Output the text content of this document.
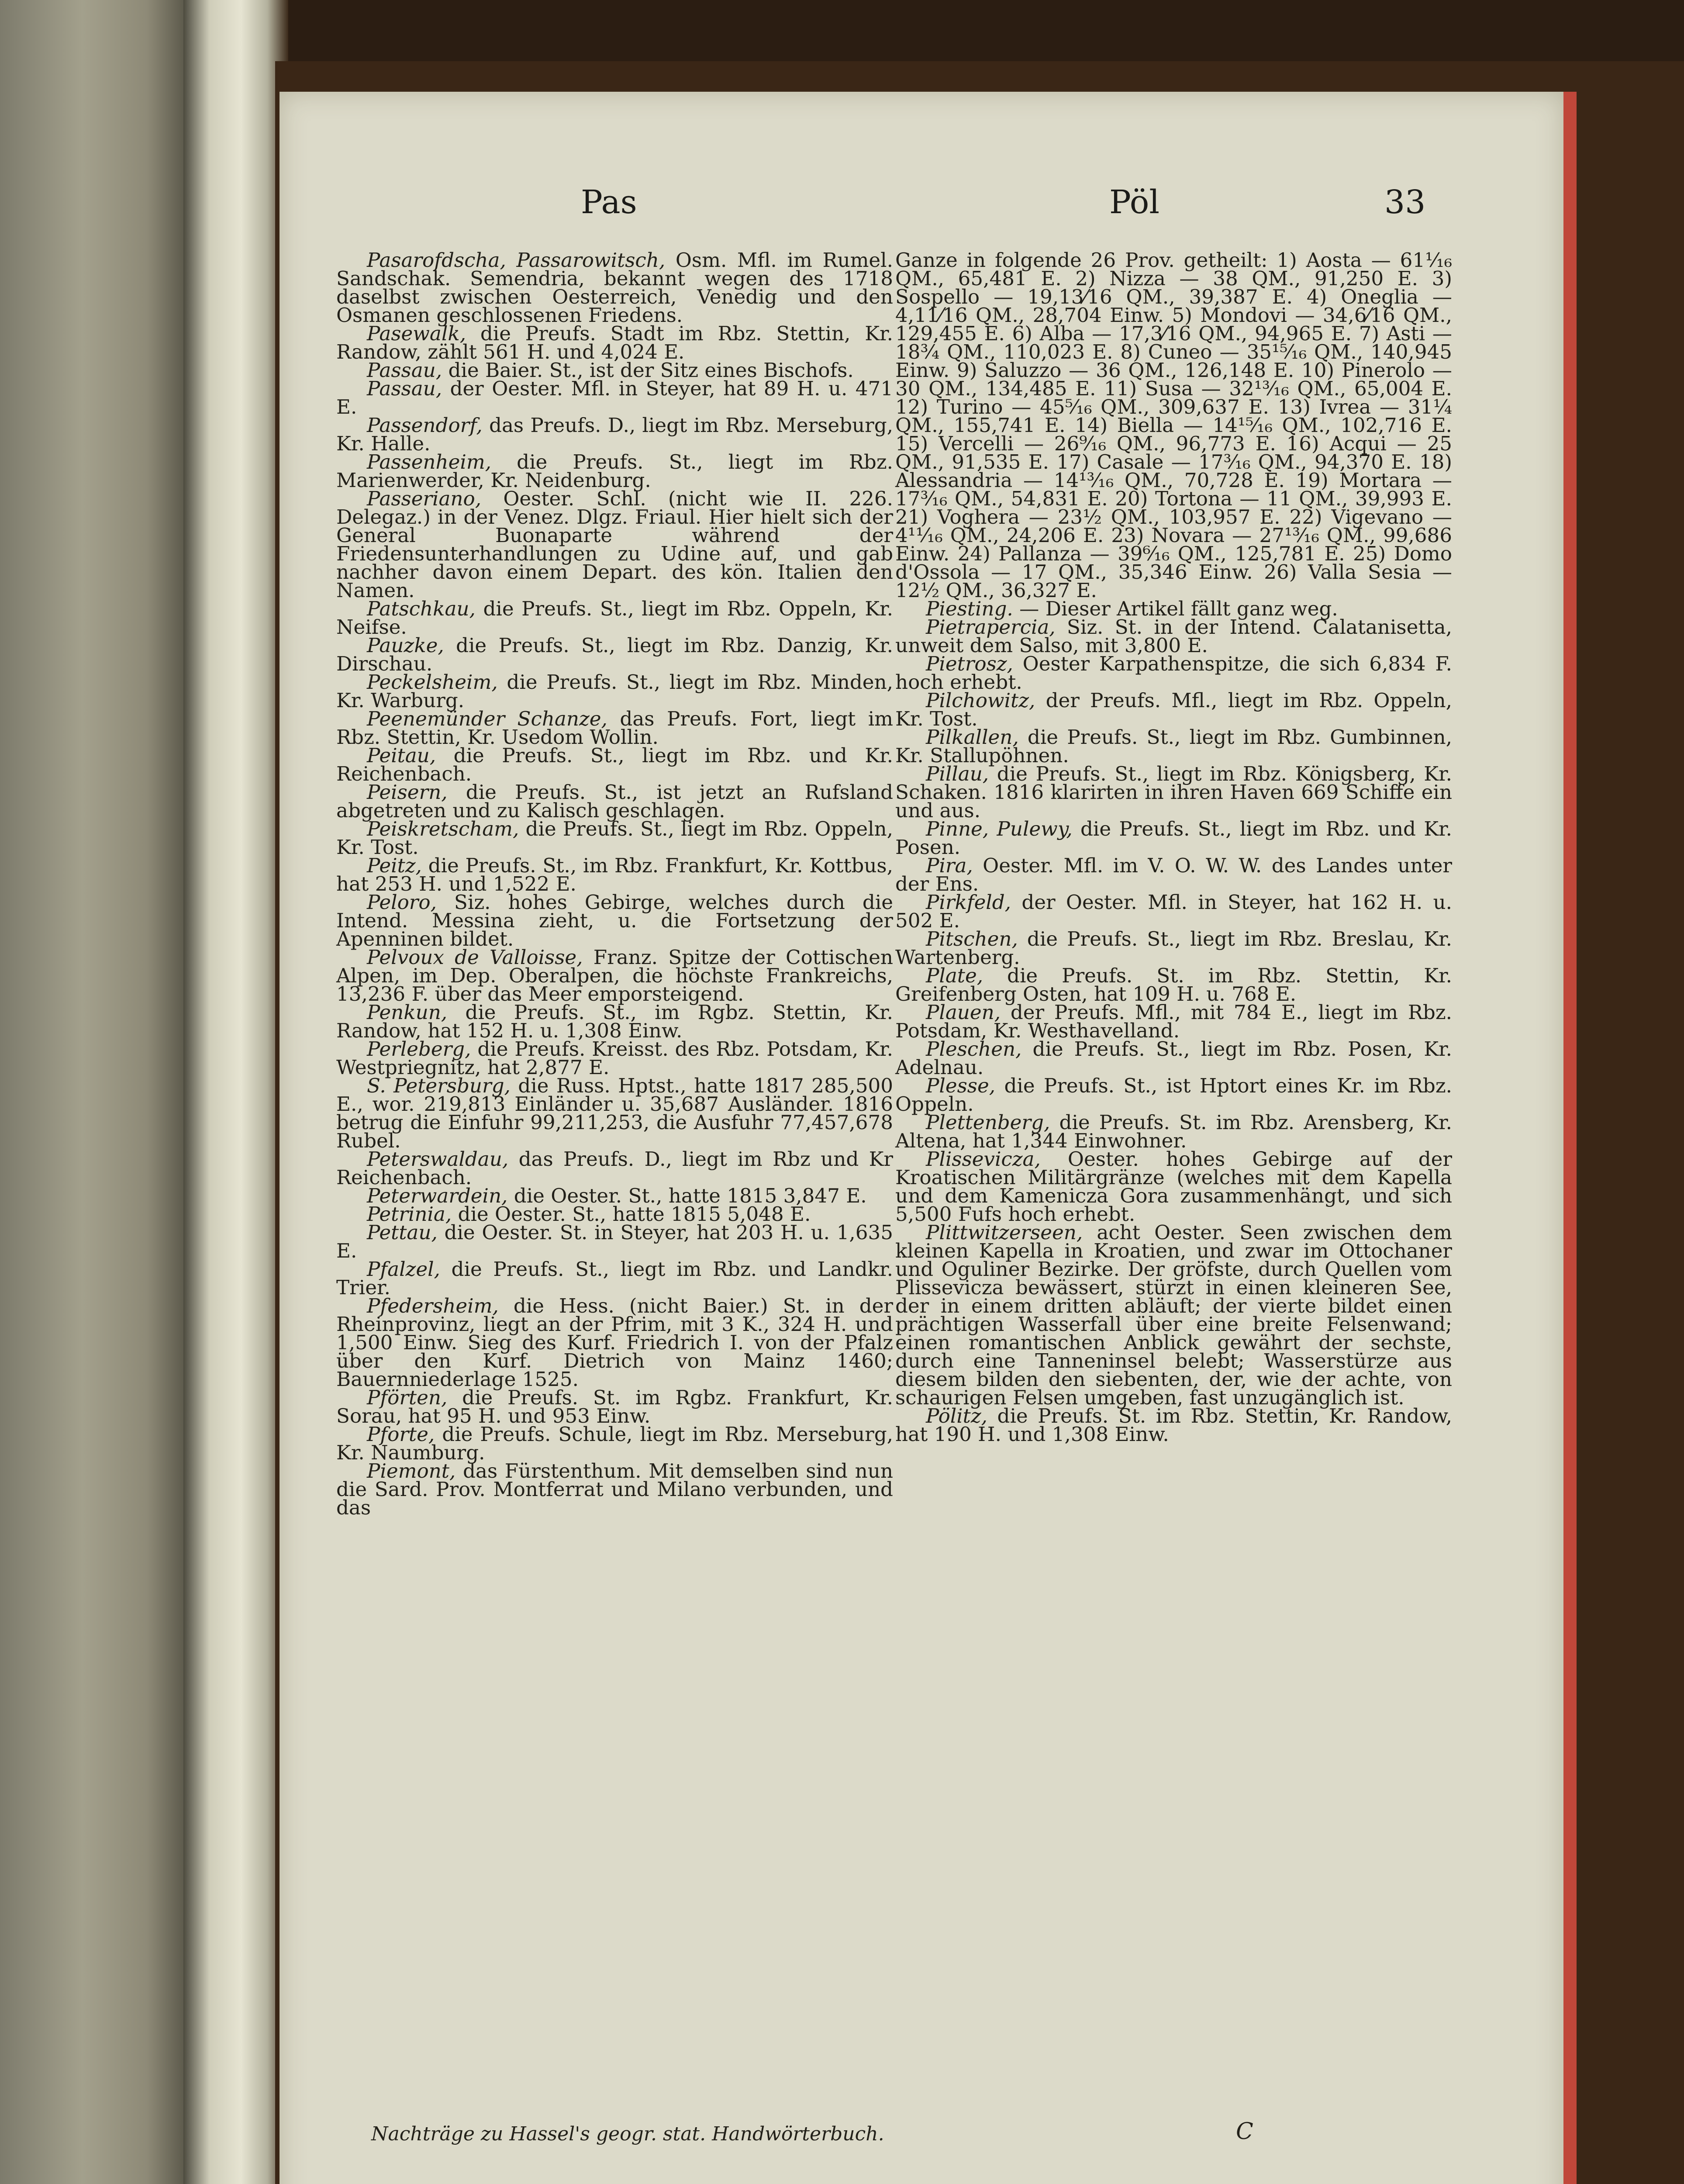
Pas	Pöl	33

Pasarofdscha, Passarowitsch, Osm. Mfl. im Rumel. Sandschak. Semendria, bekannt wegen des 1718 daselbst zwischen Oesterreich, Venedig und den Osmanen geschlossenen Friedens.

Pasewalk, die Preufs. Stadt im Rbz. Stettin, Kr. Randow, zählt 561 H. und 4,024 E.

Passau, die Baier. St., ist der Sitz eines Bischofs.

Passau, der Oester. Mfl. in Steyer, hat 89 H. u. 471 E.

Passendorf, das Preufs. D., liegt im Rbz. Merseburg, Kr. Halle.

Passenheim, die Preufs. St., liegt im Rbz. Marienwerder, Kr. Neidenburg.

Passeriano, Oester. Schl. (nicht wie II. 226. Delegaz.) in der Venez. Dlgz. Friaul. Hier hielt sich der General Buonaparte während der Friedensunterhandlungen zu Udine auf, und gab nachher davon einem Depart. des kön. Italien den Namen.

Patschkau, die Preufs. St., liegt im Rbz. Oppeln, Kr. Neifse.

Pauzke, die Preufs. St., liegt im Rbz. Danzig, Kr. Dirschau.

Peckelsheim, die Preufs. St., liegt im Rbz. Minden, Kr. Warburg.

Peenemünder Schanze, das Preufs. Fort, liegt im Rbz. Stettin, Kr. Usedom Wollin.

Peitau, die Preufs. St., liegt im Rbz. und Kr. Reichenbach.

Peisern, die Preufs. St., ist jetzt an Rufsland abgetreten und zu Kalisch geschlagen.

Peiskretscham, die Preufs. St., liegt im Rbz. Oppeln, Kr. Tost.

Peitz, die Preufs. St., im Rbz. Frankfurt, Kr. Kottbus, hat 253 H. und 1,522 E.

Peloro, Siz. hohes Gebirge, welches durch die Intend. Messina zieht, u. die Fortsetzung der Apenninen bildet.

Pelvoux de Valloisse, Franz. Spitze der Cottischen Alpen, im Dep. Oberalpen, die höchste Frankreichs, 13,236 F. über das Meer emporsteigend.

Penkun, die Preufs. St., im Rgbz. Stettin, Kr. Randow, hat 152 H. u. 1,308 Einw.

Perleberg, die Preufs. Kreisst. des Rbz. Potsdam, Kr. Westpriegnitz, hat 2,877 E.

S. Petersburg, die Russ. Hptst., hatte 1817 285,500 E., wor. 219,813 Einländer u. 35,687 Ausländer. 1816 betrug die Einfuhr 99,211,253, die Ausfuhr 77,457,678 Rubel.

Peterswaldau, das Preufs. D., liegt im Rbz und Kr Reichenbach.

Peterwardein, die Oester. St., hatte 1815 3,847 E.

Petrinia, die Oester. St., hatte 1815 5,048 E.

Pettau, die Oester. St. in Steyer, hat 203 H. u. 1,635 E.

Pfalzel, die Preufs. St., liegt im Rbz. und Landkr. Trier.

Pfedersheim, die Hess. (nicht Baier.) St. in der Rheinprovinz, liegt an der Pfrim, mit 3 K., 324 H. und 1,500 Einw. Sieg des Kurf. Friedrich I. von der Pfalz über den Kurf. Dietrich von Mainz 1460; Bauernniederlage 1525.

Pförten, die Preufs. St. im Rgbz. Frankfurt, Kr. Sorau, hat 95 H. und 953 Einw.

Pforte, die Preufs. Schule, liegt im Rbz. Merseburg, Kr. Naumburg.

Piemont, das Fürstenthum. Mit demselben sind nun die Sard. Prov. Montferrat und Milano verbunden, und das

Ganze in folgende 26 Prov. getheilt: 1) Aosta — 61¹⁄₁₆ QM., 65,481 E. 2) Nizza — 38 QM., 91,250 E. 3) Sospello — 19,13⁄16 QM., 39,387 E. 4) Oneglia — 4,11⁄16 QM., 28,704 Einw. 5) Mondovi — 34,6⁄16 QM., 129,455 E. 6) Alba — 17,3⁄16 QM., 94,965 E. 7) Asti — 18³⁄₄ QM., 110,023 E. 8) Cuneo — 35¹⁵⁄₁₆ QM., 140,945 Einw. 9) Saluzzo — 36 QM., 126,148 E. 10) Pinerolo — 30 QM., 134,485 E. 11) Susa — 32¹³⁄₁₆ QM., 65,004 E. 12) Turino — 45⁵⁄₁₆ QM., 309,637 E. 13) Ivrea — 31¹⁄₄ QM., 155,741 E. 14) Biella — 14¹⁵⁄₁₆ QM., 102,716 E. 15) Vercelli — 26⁹⁄₁₆ QM., 96,773 E. 16) Acqui — 25 QM., 91,535 E. 17) Casale — 17³⁄₁₆ QM., 94,370 E. 18) Alessandria — 14¹³⁄₁₆ QM., 70,728 E. 19) Mortara — 17³⁄₁₆ QM., 54,831 E. 20) Tortona — 11 QM., 39,993 E. 21) Voghera — 23¹⁄₂ QM., 103,957 E. 22) Vigevano — 4¹¹⁄₁₆ QM., 24,206 E. 23) Novara — 27¹³⁄₁₆ QM., 99,686 Einw. 24) Pallanza — 39⁶⁄₁₆ QM., 125,781 E. 25) Domo d'Ossola — 17 QM., 35,346 Einw. 26) Valla Sesia — 12¹⁄₂ QM., 36,327 E.

Piesting. — Dieser Artikel fällt ganz weg.

Pietrapercia, Siz. St. in der Intend. Calatanisetta, unweit dem Salso, mit 3,800 E.

Pietrosz, Oester Karpathenspitze, die sich 6,834 F. hoch erhebt.

Pilchowitz, der Preufs. Mfl., liegt im Rbz. Oppeln, Kr. Tost.

Pilkallen, die Preufs. St., liegt im Rbz. Gumbinnen, Kr. Stallupöhnen.

Pillau, die Preufs. St., liegt im Rbz. Königsberg, Kr. Schaken. 1816 klarirten in ihren Haven 669 Schiffe ein und aus.

Pinne, Pulewy, die Preufs. St., liegt im Rbz. und Kr. Posen.

Pira, Oester. Mfl. im V. O. W. W. des Landes unter der Ens.

Pirkfeld, der Oester. Mfl. in Steyer, hat 162 H. u. 502 E.

Pitschen, die Preufs. St., liegt im Rbz. Breslau, Kr. Wartenberg.

Plate, die Preufs. St. im Rbz. Stettin, Kr. Greifenberg Osten, hat 109 H. u. 768 E.

Plauen, der Preufs. Mfl., mit 784 E., liegt im Rbz. Potsdam, Kr. Westhavelland.

Pleschen, die Preufs. St., liegt im Rbz. Posen, Kr. Adelnau.

Plesse, die Preufs. St., ist Hptort eines Kr. im Rbz. Oppeln.

Plettenberg, die Preufs. St. im Rbz. Arensberg, Kr. Altena, hat 1,344 Einwohner.

Plissevicza, Oester. hohes Gebirge auf der Kroatischen Militärgränze (welches mit dem Kapella und dem Kamenicza Gora zusammenhängt, und sich 5,500 Fufs hoch erhebt.

Plittwitzerseen, acht Oester. Seen zwischen dem kleinen Kapella in Kroatien, und zwar im Ottochaner und Oguliner Bezirke. Der gröfste, durch Quellen vom Plissevicza bewässert, stürzt in einen kleineren See, der in einem dritten abläuft; der vierte bildet einen prächtigen Wasserfall über eine breite Felsenwand; einen romantischen Anblick gewährt der sechste, durch eine Tanneninsel belebt; Wasserstürze aus diesem bilden den siebenten, der, wie der achte, von schaurigen Felsen umgeben, fast unzugänglich ist.

Pölitz, die Preufs. St. im Rbz. Stettin, Kr. Randow, hat 190 H. und 1,308 Einw.

Nachträge zu Hassel's geogr. stat. Handwörterbuch.	C
